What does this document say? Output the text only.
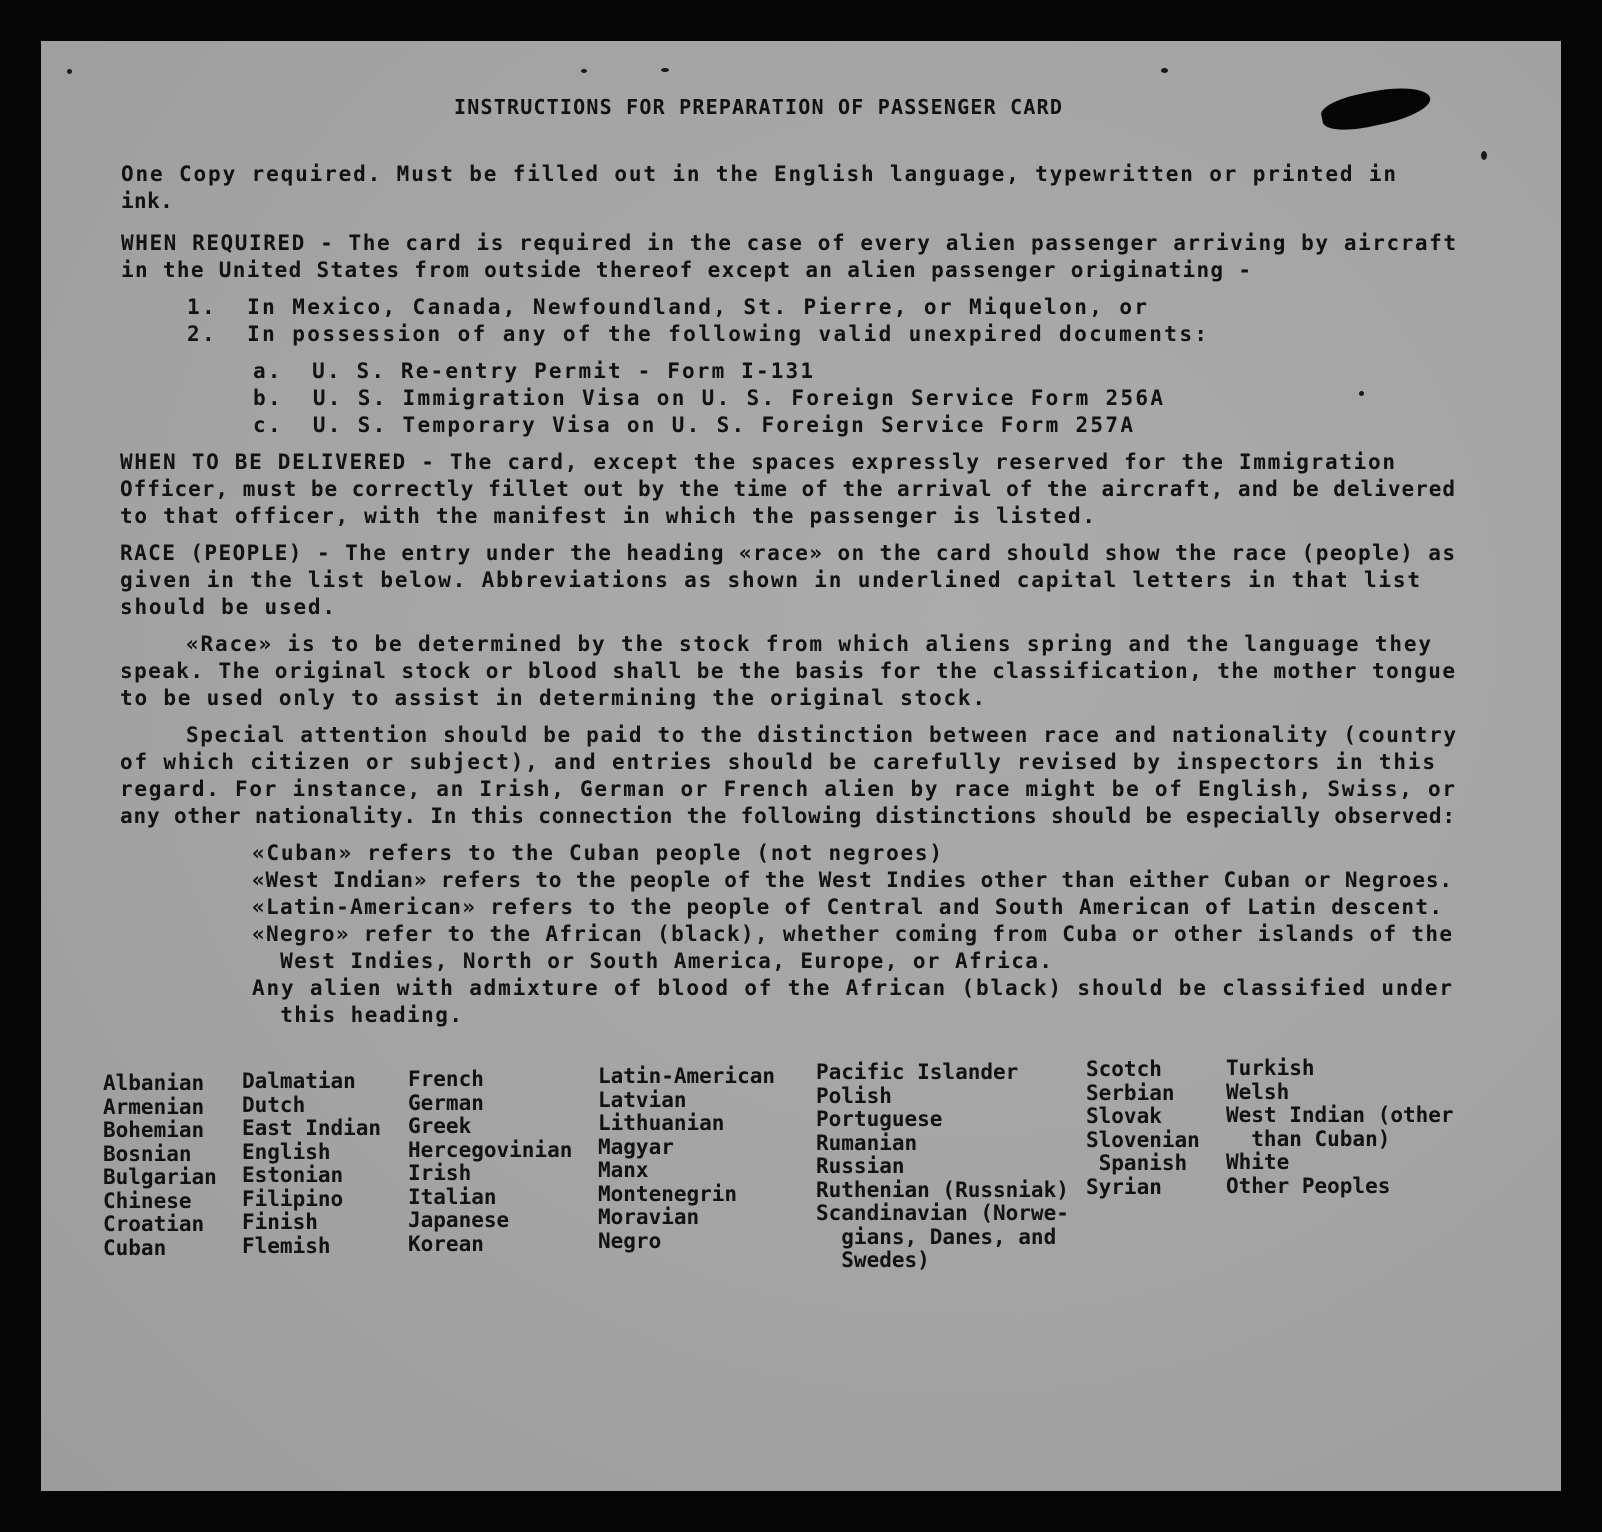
INSTRUCTIONS FOR PREPARATION OF PASSENGER CARD
One Copy required. Must be filled out in the English language, typewritten or printed in
ink.
WHEN REQUIRED - The card is required in the case of every alien passenger arriving by aircraft
in the United States from outside thereof except an alien passenger originating -
1.  In Mexico, Canada, Newfoundland, St. Pierre, or Miquelon, or
2.  In possession of any of the following valid unexpired documents:
a.  U. S. Re-entry Permit - Form I-131
b.  U. S. Immigration Visa on U. S. Foreign Service Form 256A
c.  U. S. Temporary Visa on U. S. Foreign Service Form 257A
WHEN TO BE DELIVERED - The card, except the spaces expressly reserved for the Immigration
Officer, must be correctly fillet out by the time of the arrival of the aircraft, and be delivered
to that officer, with the manifest in which the passenger is listed.
RACE (PEOPLE) - The entry under the heading «race» on the card should show the race (people) as
given in the list below. Abbreviations as shown in underlined capital letters in that list
should be used.
«Race» is to be determined by the stock from which aliens spring and the language they
speak. The original stock or blood shall be the basis for the classification, the mother tongue
to be used only to assist in determining the original stock.
Special attention should be paid to the distinction between race and nationality (country
of which citizen or subject), and entries should be carefully revised by inspectors in this
regard. For instance, an Irish, German or French alien by race might be of English, Swiss, or
any other nationality. In this connection the following distinctions should be especially observed:
«Cuban» refers to the Cuban people (not negroes)
«West Indian» refers to the people of the West Indies other than either Cuban or Negroes.
«Latin-American» refers to the people of Central and South American of Latin descent.
«Negro» refer to the African (black), whether coming from Cuba or other islands of the
West Indies, North or South America, Europe, or Africa.
Any alien with admixture of blood of the African (black) should be classified under
this heading.
Albanian
Armenian
Bohemian
Bosnian
Bulgarian
Chinese
Croatian
Cuban
Dalmatian
Dutch
East Indian
English
Estonian
Filipino
Finish
Flemish
French
German
Greek
Hercegovinian
Irish
Italian
Japanese
Korean
Latin-American
Latvian
Lithuanian
Magyar
Manx
Montenegrin
Moravian
Negro
Pacific Islander
Polish
Portuguese
Rumanian
Russian
Ruthenian (Russniak)
Scandinavian (Norwe-
gians, Danes, and
Swedes)
Scotch
Serbian
Slovak
Slovenian
Spanish
Syrian
Turkish
Welsh
West Indian (other
than Cuban)
White
Other Peoples
